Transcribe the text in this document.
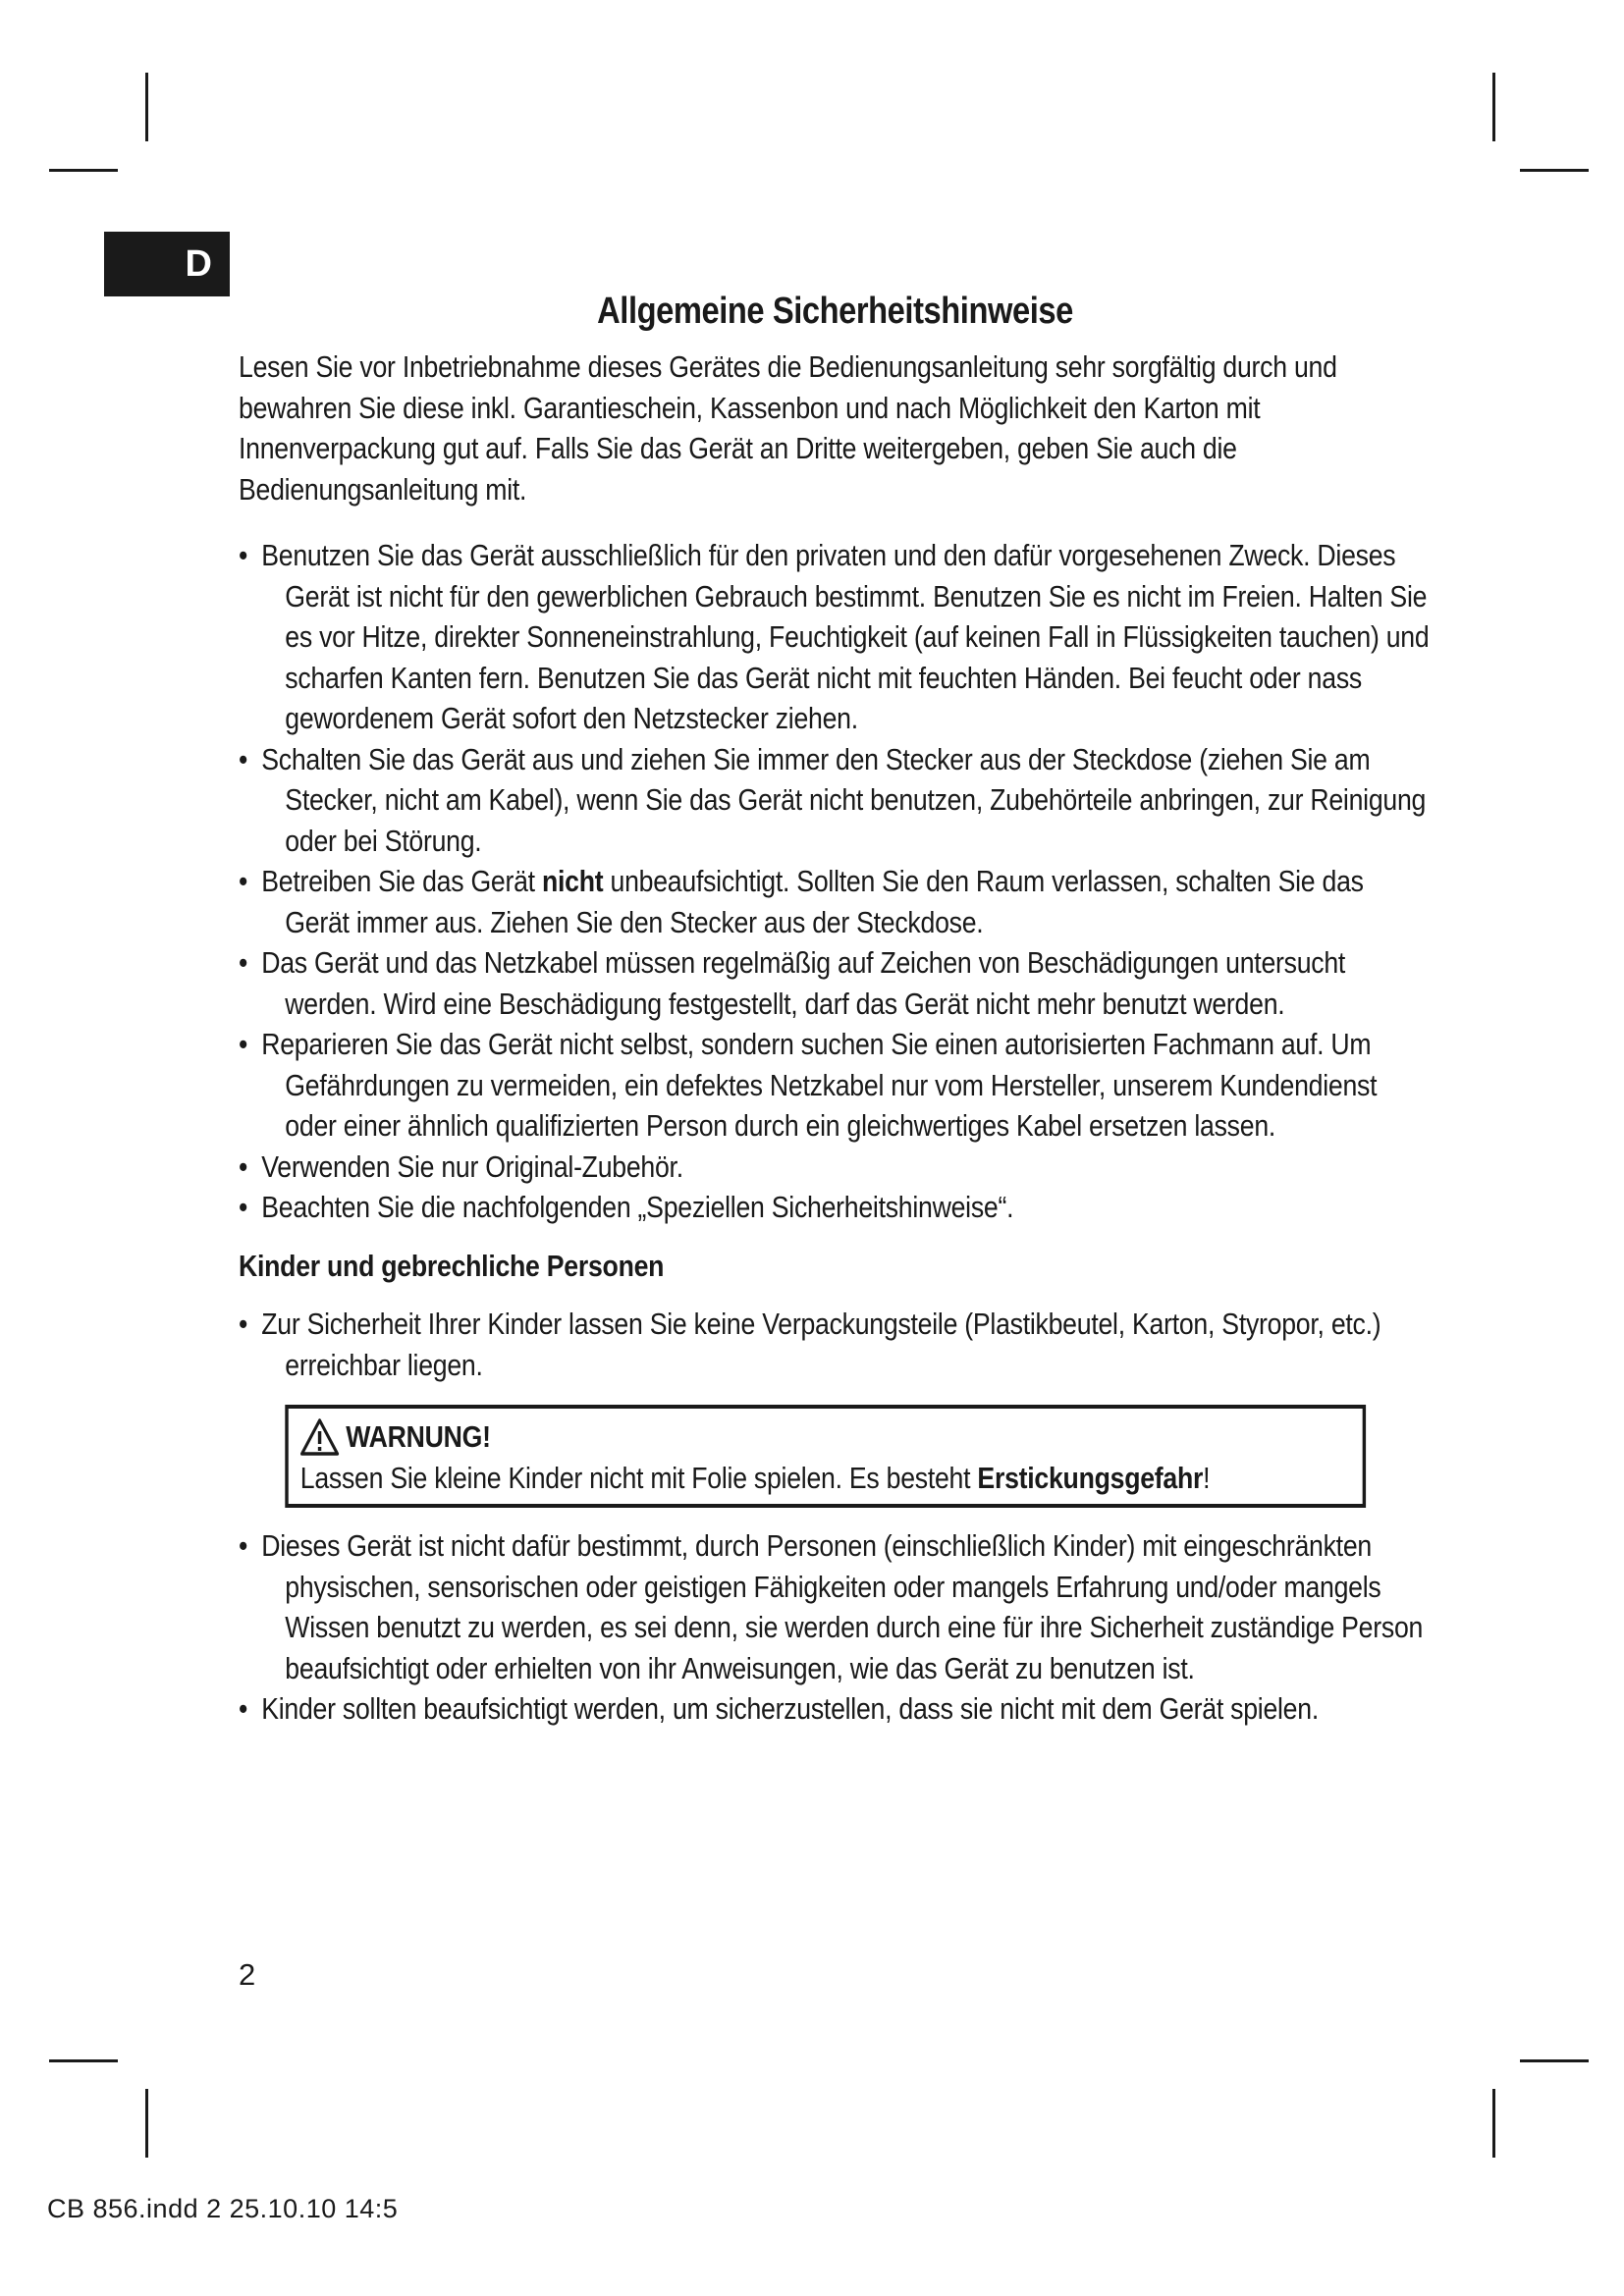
D
Allgemeine Sicherheitshinweise

Lesen Sie vor Inbetriebnahme dieses Gerätes die Bedienungsanleitung sehr sorgfältig durch und bewahren Sie diese inkl. Garantieschein, Kassenbon und nach Möglichkeit den Karton mit Innenverpackung gut auf. Falls Sie das Gerät an Dritte weitergeben, geben Sie auch die Bedienungsanleitung mit.

• Benutzen Sie das Gerät ausschließlich für den privaten und den dafür vorgesehenen Zweck. Dieses Gerät ist nicht für den gewerblichen Gebrauch bestimmt. Benutzen Sie es nicht im Freien. Halten Sie es vor Hitze, direkter Sonneneinstrahlung, Feuchtigkeit (auf keinen Fall in Flüssigkeiten tauchen) und scharfen Kanten fern. Benutzen Sie das Gerät nicht mit feuchten Händen. Bei feucht oder nass gewordenem Gerät sofort den Netzstecker ziehen.
• Schalten Sie das Gerät aus und ziehen Sie immer den Stecker aus der Steckdose (ziehen Sie am Stecker, nicht am Kabel), wenn Sie das Gerät nicht benutzen, Zubehörteile anbringen, zur Reinigung oder bei Störung.
• Betreiben Sie das Gerät nicht unbeaufsichtigt. Sollten Sie den Raum verlassen, schalten Sie das Gerät immer aus. Ziehen Sie den Stecker aus der Steckdose.
• Das Gerät und das Netzkabel müssen regelmäßig auf Zeichen von Beschädigungen untersucht werden. Wird eine Beschädigung festgestellt, darf das Gerät nicht mehr benutzt werden.
• Reparieren Sie das Gerät nicht selbst, sondern suchen Sie einen autorisierten Fachmann auf. Um Gefährdungen zu vermeiden, ein defektes Netzkabel nur vom Hersteller, unserem Kundendienst oder einer ähnlich qualifizierten Person durch ein gleichwertiges Kabel ersetzen lassen.
• Verwenden Sie nur Original-Zubehör.
• Beachten Sie die nachfolgenden „Speziellen Sicherheitshinweise“.
Kinder und gebrechliche Personen
• Zur Sicherheit Ihrer Kinder lassen Sie keine Verpackungsteile (Plastikbeutel, Karton, Styropor, etc.) erreichbar liegen.
WARNUNG!
Lassen Sie kleine Kinder nicht mit Folie spielen. Es besteht Erstickungsgefahr!
• Dieses Gerät ist nicht dafür bestimmt, durch Personen (einschließlich Kinder) mit eingeschränkten physischen, sensorischen oder geistigen Fähigkeiten oder mangels Erfahrung und/oder mangels Wissen benutzt zu werden, es sei denn, sie werden durch eine für ihre Sicherheit zuständige Person beaufsichtigt oder erhielten von ihr Anweisungen, wie das Gerät zu benutzen ist.
• Kinder sollten beaufsichtigt werden, um sicherzustellen, dass sie nicht mit dem Gerät spielen.
2
CB 856.indd 2 25.10.10 14:5
